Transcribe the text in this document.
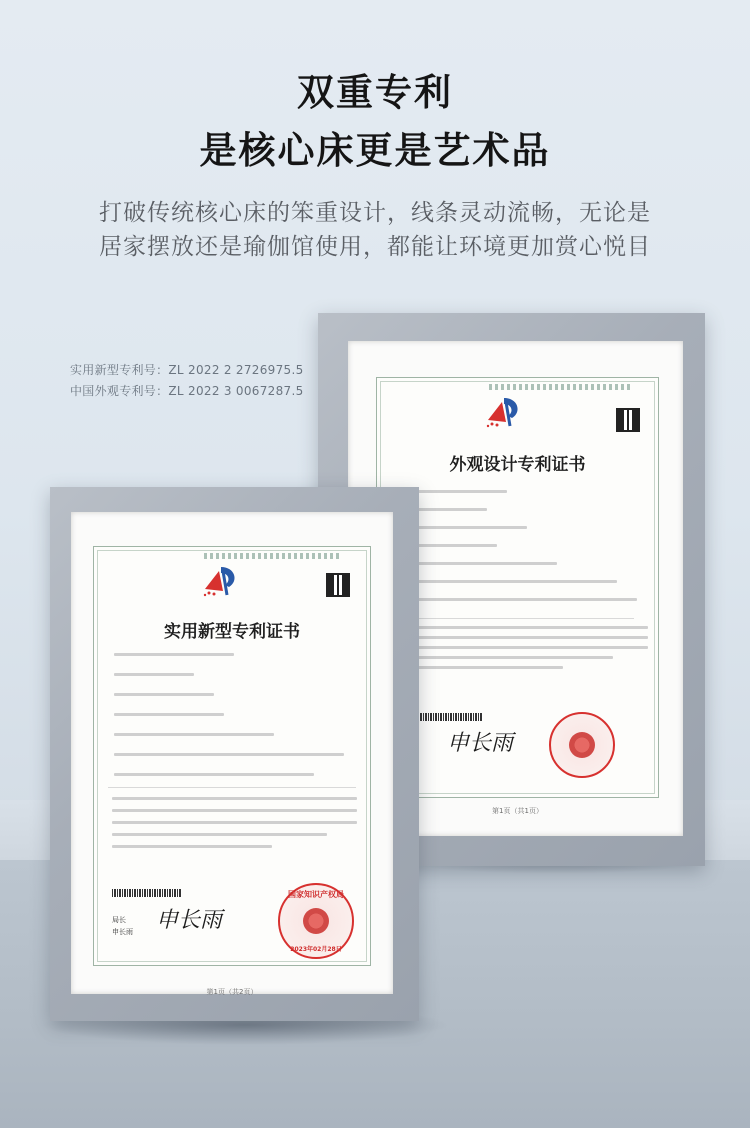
双重专利
是核心床更是艺术品
打破传统核心床的笨重设计，线条灵动流畅，无论是
居家摆放还是瑜伽馆使用，都能让环境更加赏心悦目
实用新型专利号：ZL 2022 2 2726975.5
中国外观专利号：ZL 2022 3 0067287.5
外观设计专利证书
申长雨
第1页（共1页）
实用新型专利证书
局长
申长雨 申长雨
国家知识产权局
2023年02月28日
第1页（共2页）
